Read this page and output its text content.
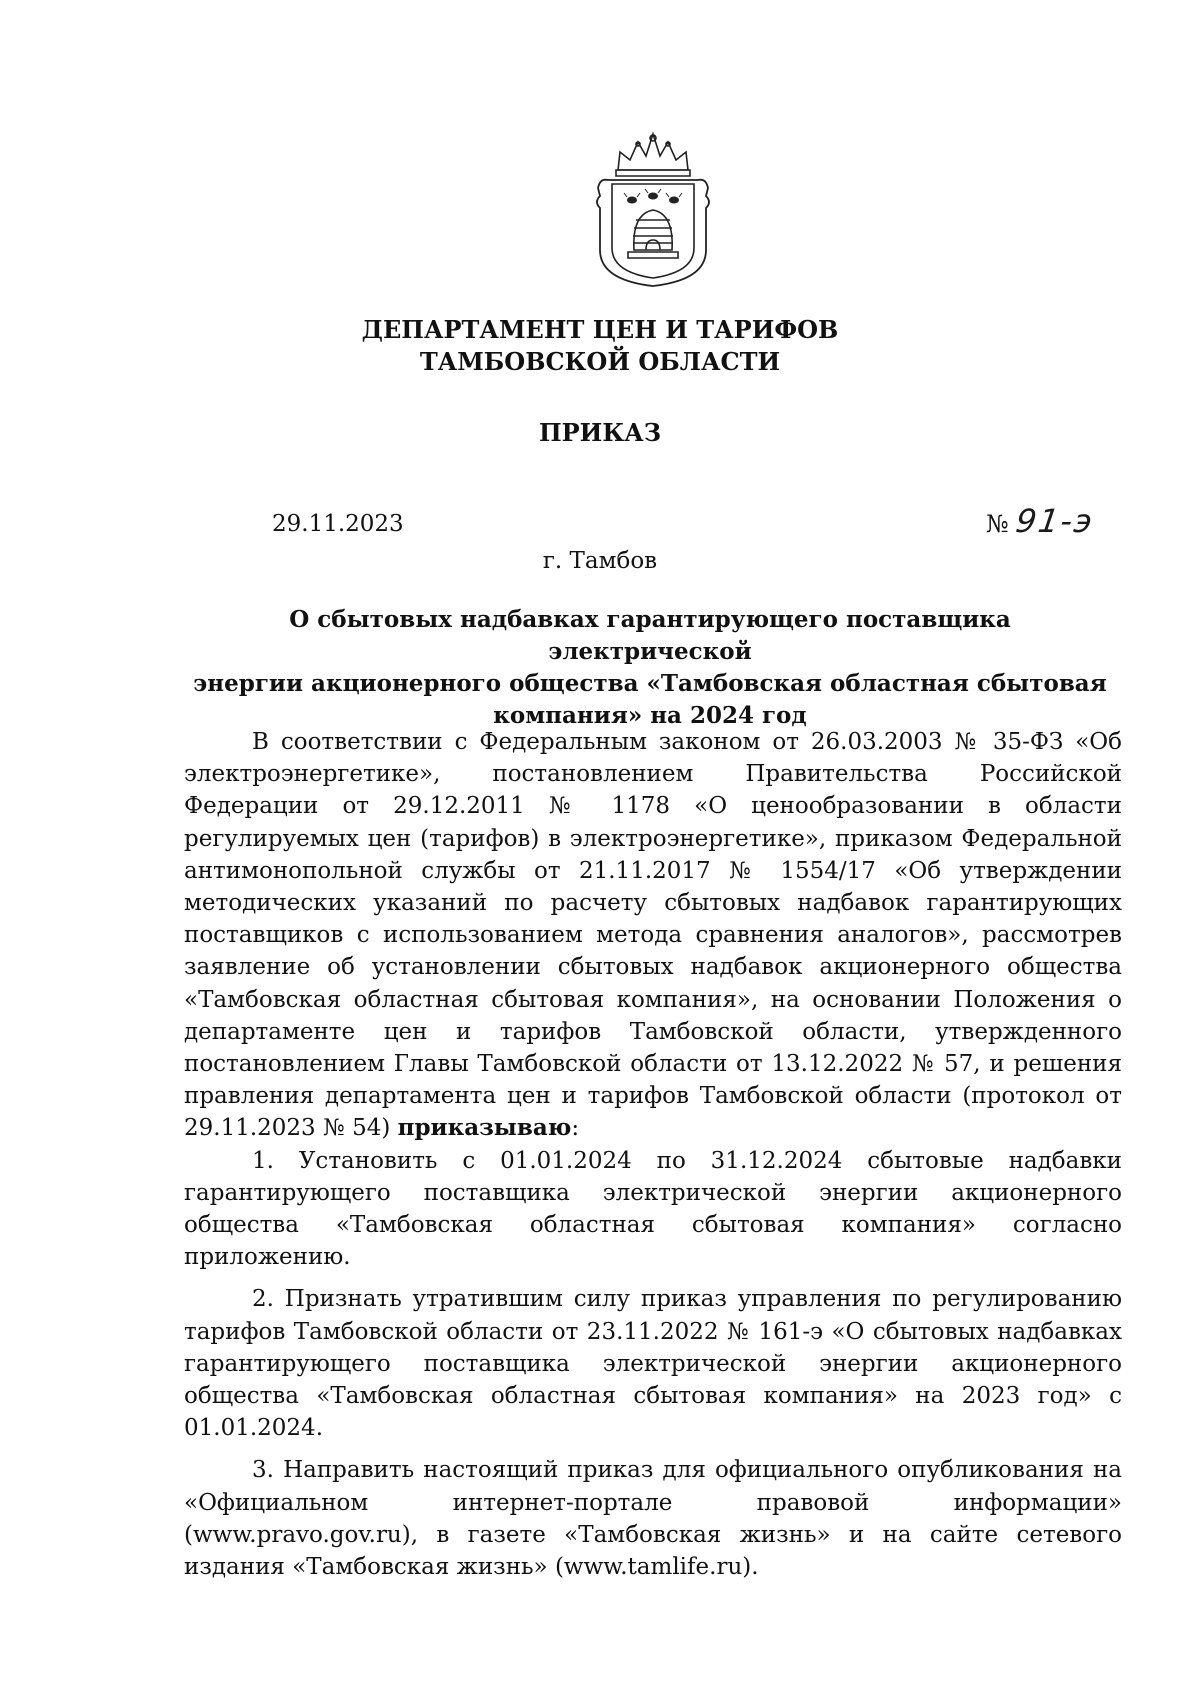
ДЕПАРТАМЕНТ ЦЕН И ТАРИФОВ
ТАМБОВСКОЙ ОБЛАСТИ
ПРИКАЗ
29.11.2023	№ 91-э
г. Тамбов
О сбытовых надбавках гарантирующего поставщика электрической
энергии акционерного общества «Тамбовская областная сбытовая
компания» на 2024 год

В соответствии с Федеральным законом от 26.03.2003 № 35-ФЗ «Об электроэнергетике», постановлением Правительства Российской Федерации от 29.12.2011 № 1178 «О ценообразовании в области регулируемых цен (тарифов) в электроэнергетике», приказом Федеральной антимонопольной службы от 21.11.2017 № 1554/17 «Об утверждении методических указаний по расчету сбытовых надбавок гарантирующих поставщиков с использованием метода сравнения аналогов», рассмотрев заявление об установлении сбытовых надбавок акционерного общества «Тамбовская областная сбытовая компания», на основании Положения о департаменте цен и тарифов Тамбовской области, утвержденного постановлением Главы Тамбовской области от 13.12.2022 № 57, и решения правления департамента цен и тарифов Тамбовской области (протокол от 29.11.2023 № 54) приказываю:

1. Установить с 01.01.2024 по 31.12.2024 сбытовые надбавки гарантирующего поставщика электрической энергии акционерного общества «Тамбовская областная сбытовая компания» согласно приложению.

2. Признать утратившим силу приказ управления по регулированию тарифов Тамбовской области от 23.11.2022 № 161-э «О сбытовых надбавках гарантирующего поставщика электрической энергии акционерного общества «Тамбовская областная сбытовая компания» на 2023 год» с 01.01.2024.

3. Направить настоящий приказ для официального опубликования на «Официальном интернет-портале правовой информации» (www.pravo.gov.ru), в газете «Тамбовская жизнь» и на сайте сетевого издания «Тамбовская жизнь» (www.tamlife.ru).
